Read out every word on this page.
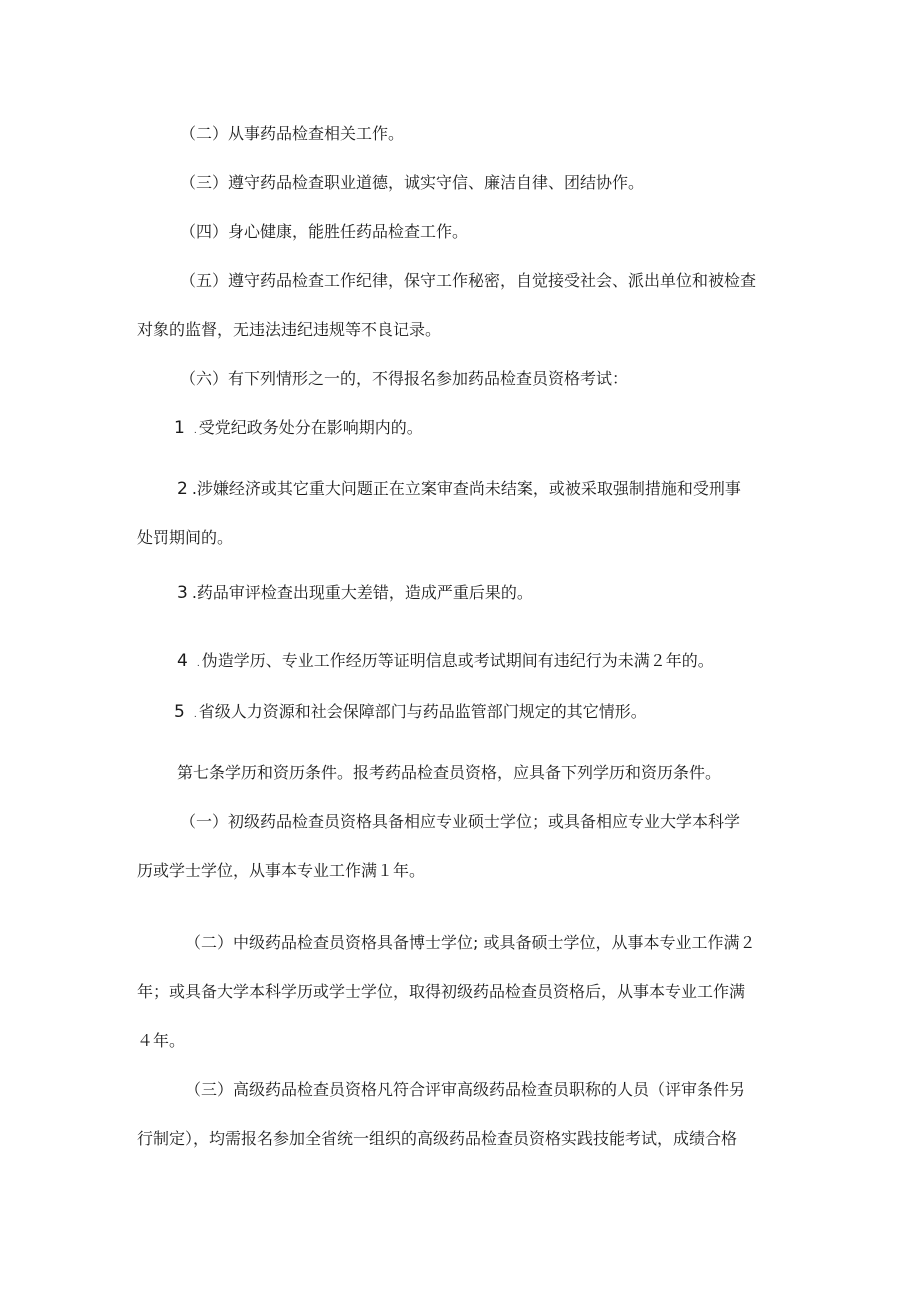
（二）从事药品检查相关工作。

（三）遵守药品检查职业道德，诚实守信、廉洁自律、团结协作。

（四）身心健康，能胜任药品检查工作。

（五）遵守药品检查工作纪律，保守工作秘密，自觉接受社会、派出单位和被检查

对象的监督，无违法违纪违规等不良记录。

（六）有下列情形之一的，不得报名参加药品检查员资格考试：

1 . 受党纪政务处分在影响期内的。

2 .涉嫌经济或其它重大问题正在立案审查尚未结案，或被采取强制措施和受刑事

处罚期间的。

3 .药品审评检查出现重大差错，造成严重后果的。

4 . 伪造学历、专业工作经历等证明信息或考试期间有违纪行为未满２年的。

5 . 省级人力资源和社会保障部门与药品监管部门规定的其它情形。

第七条学历和资历条件。报考药品检查员资格，应具备下列学历和资历条件。

（一）初级药品检查员资格具备相应专业硕士学位；或具备相应专业大学本科学

历或学士学位，从事本专业工作满１年。

（二）中级药品检查员资格具备博士学位; 或具备硕士学位，从事本专业工作满２

年；或具备大学本科学历或学士学位，取得初级药品检查员资格后，从事本专业工作满

４年。

（三）高级药品检查员资格凡符合评审高级药品检查员职称的人员（评审条件另

行制定），均需报名参加全省统一组织的高级药品检查员资格实践技能考试，成绩合格
